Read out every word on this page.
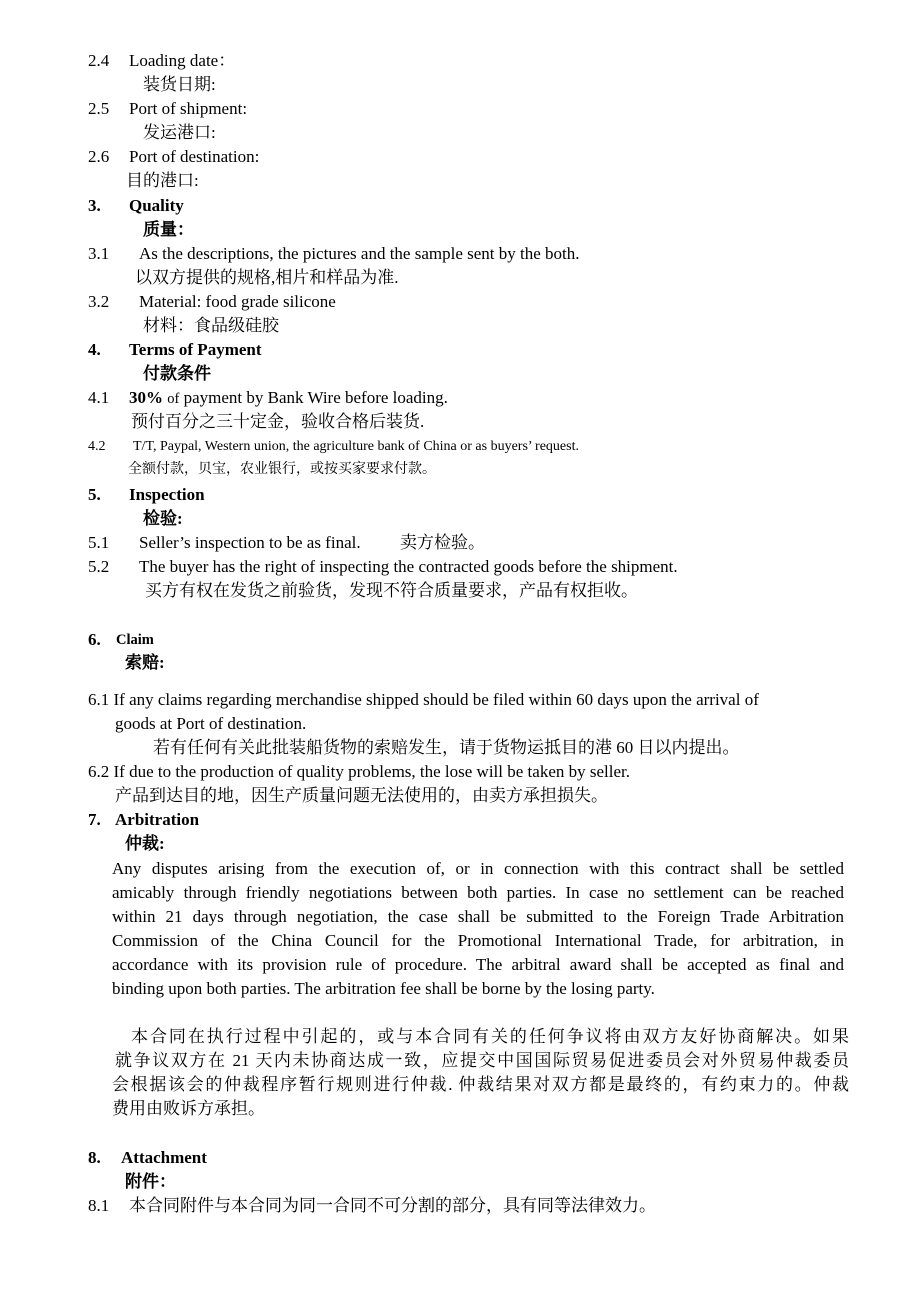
2.4 Loading date：
装货日期:
2.5 Port of shipment:
发运港口:
2.6 Port of destination:
目的港口:
3. Quality
质量：
3.1 As the descriptions, the pictures and the sample sent by the both.
以双方提供的规格,相片和样品为准.
3.2 Material: food grade silicone
材料：食品级硅胶
4. Terms of Payment
付款条件
4.1 30% of payment by Bank Wire before loading.
预付百分之三十定金，验收合格后装货.
4.2 T/T, Paypal, Western union, the agriculture bank of China or as buyers’ request.
全额付款，贝宝，农业银行，或按买家要求付款。
5. Inspection
检验:
5.1 Seller’s inspection to be as final. 卖方检验。
5.2 The buyer has the right of inspecting the contracted goods before the shipment.
买方有权在发货之前验货，发现不符合质量要求，产品有权拒收。
6. Claim
索赔:
6.1 If any claims regarding merchandise shipped should be filed within 60 days upon the arrival of
goods at Port of destination.
若有任何有关此批装船货物的索赔发生，请于货物运抵目的港 60 日以内提出。
6.2 If due to the production of quality problems, the lose will be taken by seller.
产品到达目的地，因生产质量问题无法使用的，由卖方承担损失。
7. Arbitration
仲裁:
Any disputes arising from the execution of, or in connection with this contract shall be settled
amicably through friendly negotiations between both parties. In case no settlement can be reached
within 21 days through negotiation, the case shall be submitted to the Foreign Trade Arbitration
Commission of the China Council for the Promotional International Trade, for arbitration, in
accordance with its provision rule of procedure. The arbitral award shall be accepted as final and
binding upon both parties. The arbitration fee shall be borne by the losing party.
本合同在执行过程中引起的，或与本合同有关的任何争议将由双方友好协商解决。如果
就争议双方在 21 天内未协商达成一致，应提交中国国际贸易促进委员会对外贸易仲裁委员
会根据该会的仲裁程序暂行规则进行仲裁. 仲裁结果对双方都是最终的，有约束力的。仲裁
费用由败诉方承担。
8. Attachment
附件：
8.1 本合同附件与本合同为同一合同不可分割的部分，具有同等法律效力。
